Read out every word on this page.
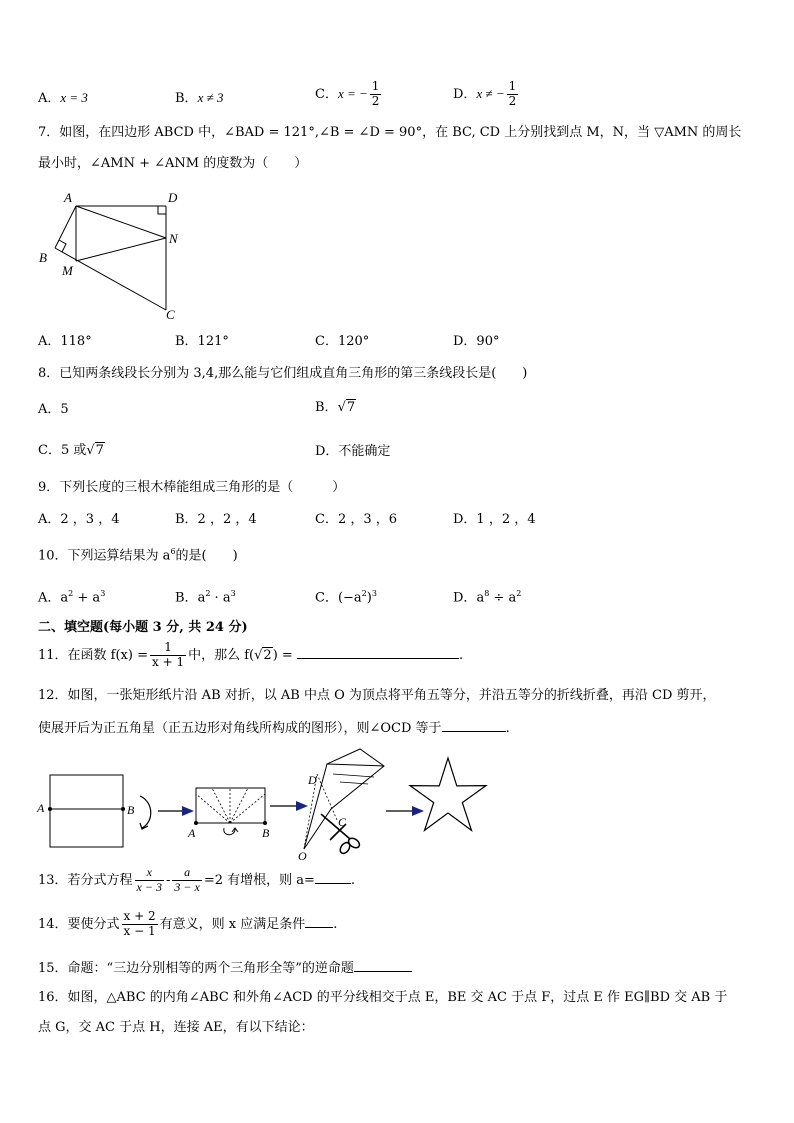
A．x = 3	B．x ≠ 3	C．x = − $\frac{1}{2}$	D．x ≠ − $\frac{1}{2}$
7．如图，在四边形 ABCD 中，∠BAD = 121°,∠B = ∠D = 90°，在 BC, CD 上分别找到点 M，N，当 ▽AMN 的周长
最小时，∠AMN + ∠ANM 的度数为（　　）
A	D
B
M
N
C
A．118°	B．121°	C．120°	D．90°
8．已知两条线段长分别为 3,4,那么能与它们组成直角三角形的第三条线段长是(　　)
A．5	B．√7
C．5 或√7	D．不能确定
9．下列长度的三根木棒能组成三角形的是（　　　）
A．2 ，3 ，4	B．2 ，2 ，4	C．2 ，3 ，6	D．1 ，2 ，4
10．下列运算结果为 $a^6$的是(　　)
A．$a^2 + a^3$	B．$a^2 \cdot a^3$	C．$(-a^2)^3$	D．$a^8 \div a^2$
二、填空题(每小题 3 分, 共 24 分)
11．在函数 $f(x) = \frac{1}{x + 1}$ 中，那么 f(√2) =	.
12．如图，一张矩形纸片沿 AB 对折，以 AB 中点 O 为顶点将平角五等分，并沿五等分的折线折叠，再沿 CD 剪开，
使展开后为正五角星（正五边形对角线所构成的图形），则∠OCD 等于	.
A	B
A	B
D
C
O
13．若分式方程 $\frac{x}{x - 3} - \frac{a}{3 - x} =2$ 有增根，则 a=	.
14．要使分式 $\frac{x + 2}{x - 1}$ 有意义，则 x 应满足条件 .
15．命题：“三边分别相等的两个三角形全等”的逆命题
16．如图，△ABC 的内角∠ABC 和外角∠ACD 的平分线相交于点 E，BE 交 AC 于点 F，过点 E 作 EG∥BD 交 AB 于
点 G，交 AC 于点 H，连接 AE，有以下结论：
